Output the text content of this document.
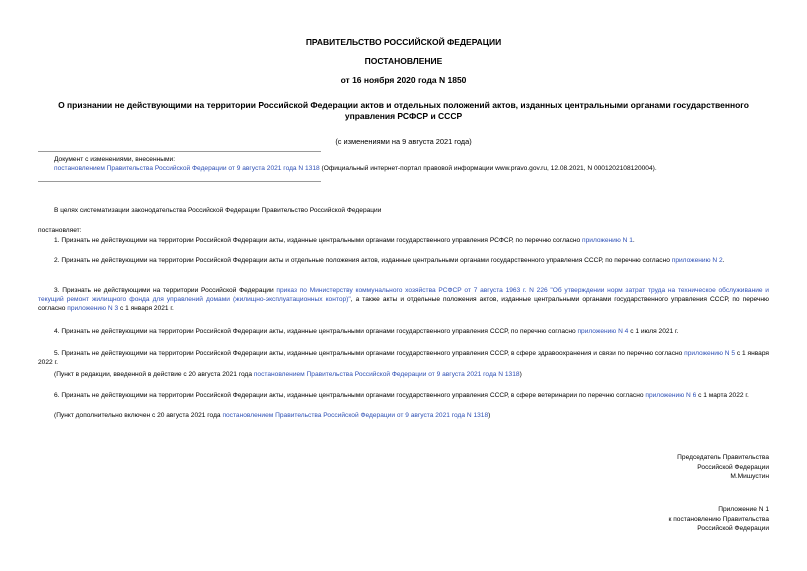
ПРАВИТЕЛЬСТВО РОССИЙСКОЙ ФЕДЕРАЦИИ
ПОСТАНОВЛЕНИЕ
от 16 ноября 2020 года N 1850
О признании не действующими на территории Российской Федерации актов и отдельных положений актов, изданных центральными органами государственного
управления РСФСР и СССР
(с изменениями на 9 августа 2021 года)
Документ с изменениями, внесенными:
постановлением Правительства Российской Федерации от 9 августа 2021 года N 1318 (Официальный интернет-портал правовой информации www.pravo.gov.ru, 12.08.2021, N 0001202108120004).
В целях систематизации законодательства Российской Федерации Правительство Российской Федерации
постановляет:
1. Признать не действующими на территории Российской Федерации акты, изданные центральными органами государственного управления РСФСР, по перечню согласно приложению N 1.
2. Признать не действующими на территории Российской Федерации акты и отдельные положения актов, изданные центральными органами государственного управления СССР, по перечню согласно приложению N 2.
3. Признать не действующими на территории Российской Федерации приказ по Министерству коммунального хозяйства РСФСР от 7 августа 1963 г. N 226 "Об утверждении норм затрат труда на техническое обслуживание и текущий ремонт жилищного фонда для управлений домами (жилищно-эксплуатационных контор)", а также акты и отдельные положения актов, изданные центральными органами государственного управления СССР, по перечню согласно приложению N 3 с 1 января 2021 г.
4. Признать не действующими на территории Российской Федерации акты, изданные центральными органами государственного управления СССР, по перечню согласно приложению N 4 с 1 июля 2021 г.
5. Признать не действующими на территории Российской Федерации акты, изданные центральными органами государственного управления СССР, в сфере здравоохранения и связи по перечню согласно приложению N 5 с 1 января 2022 г.
(Пункт в редакции, введенной в действие с 20 августа 2021 года постановлением Правительства Российской Федерации от 9 августа 2021 года N 1318)
6. Признать не действующими на территории Российской Федерации акты, изданные центральными органами государственного управления СССР, в сфере ветеринарии по перечню согласно приложению N 6 с 1 марта 2022 г.
(Пункт дополнительно включен с 20 августа 2021 года постановлением Правительства Российской Федерации от 9 августа 2021 года N 1318)
Председатель Правительства
Российской Федерации
М.Мишустин
Приложение N 1
к постановлению Правительства
Российской Федерации
